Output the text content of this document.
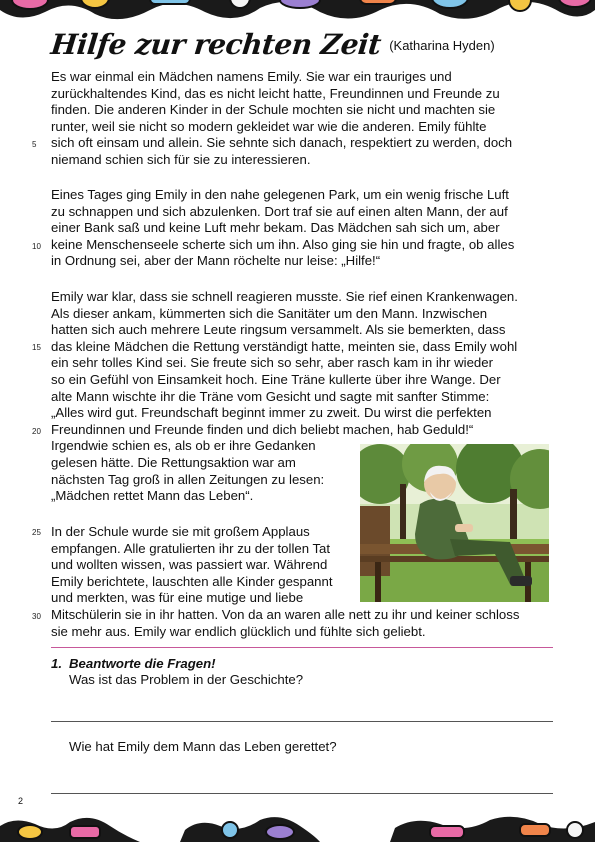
Hilfe zur rechten Zeit $^{(Katharina Hyden)}$
Es war einmal ein Mädchen namens Emily. Sie war ein trauriges und
zurückhaltendes Kind, das es nicht leicht hatte, Freundinnen und Freunde zu
finden. Die anderen Kinder in der Schule mochten sie nicht und machten sie
runter, weil sie nicht so modern gekleidet war wie die anderen. Emily fühlte
sich oft einsam und allein. Sie sehnte sich danach, respektiert zu werden, doch
niemand schien sich für sie zu interessieren.
Eines Tages ging Emily in den nahe gelegenen Park, um ein wenig frische Luft
zu schnappen und sich abzulenken. Dort traf sie auf einen alten Mann, der auf
einer Bank saß und keine Luft mehr bekam. Das Mädchen sah sich um, aber
keine Menschenseele scherte sich um ihn. Also ging sie hin und fragte, ob alles
in Ordnung sei, aber der Mann röchelte nur leise: „Hilfe!“
Emily war klar, dass sie schnell reagieren musste. Sie rief einen Krankenwagen.
Als dieser ankam, kümmerten sich die Sanitäter um den Mann. Inzwischen
hatten sich auch mehrere Leute ringsum versammelt. Als sie bemerkten, dass
das kleine Mädchen die Rettung verständigt hatte, meinten sie, dass Emily wohl
ein sehr tolles Kind sei. Sie freute sich so sehr, aber rasch kam in ihr wieder
so ein Gefühl von Einsamkeit hoch. Eine Träne kullerte über ihre Wange. Der
alte Mann wischte ihr die Träne vom Gesicht und sagte mit sanfter Stimme:
„Alles wird gut. Freundschaft beginnt immer zu zweit. Du wirst die perfekten
Freundinnen und Freunde finden und dich beliebt machen, hab Geduld!“
Irgendwie schien es, als ob er ihre Gedanken
gelesen hätte. Die Rettungsaktion war am
nächsten Tag groß in allen Zeitungen zu lesen:
„Mädchen rettet Mann das Leben“.
In der Schule wurde sie mit großem Applaus
empfangen. Alle gratulierten ihr zu der tollen Tat
und wollten wissen, was passiert war. Während
Emily berichtete, lauschten alle Kinder gespannt
und merkten, was für eine mutige und liebe
Mitschülerin sie in ihr hatten. Von da an waren alle nett zu ihr und keiner schloss
sie mehr aus. Emily war endlich glücklich und fühlte sich geliebt.
5
10
15
20
25
30
1. Beantworte die Fragen!
Was ist das Problem in der Geschichte?
Wie hat Emily dem Mann das Leben gerettet?
2
